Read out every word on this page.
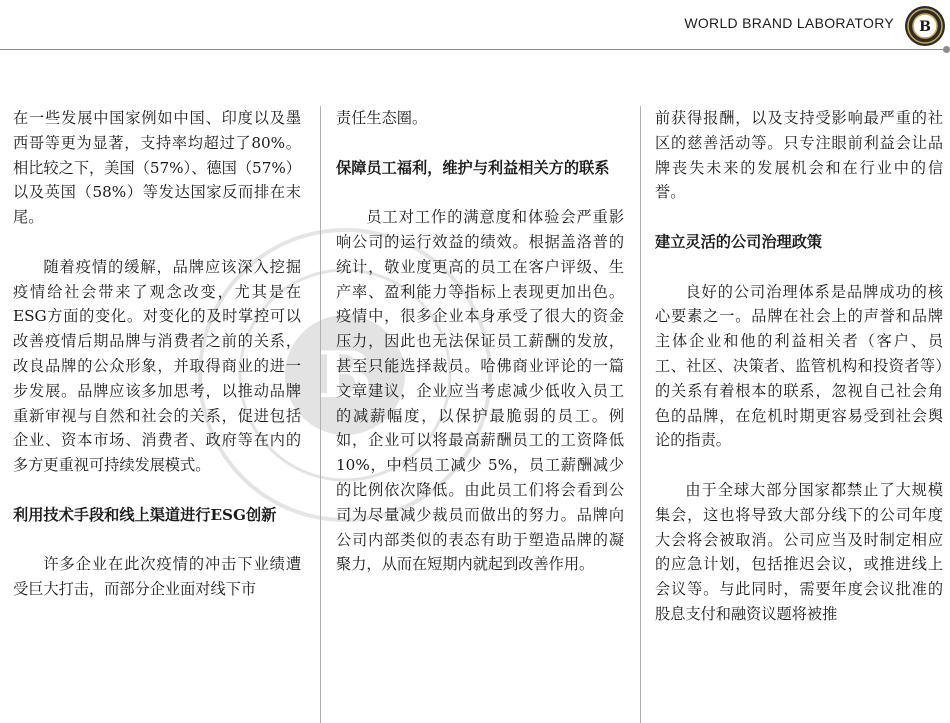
WORLD BRAND LABORATORY B
B

在一些发展中国家例如中国、印度以及墨西哥等更为显著，支持率均超过了80%。相比较之下，美国（57%）、德国（57%）以及英国（58%）等发达国家反而排在末尾。

随着疫情的缓解，品牌应该深入挖掘疫情给社会带来了观念改变，尤其是在ESG方面的变化。对变化的及时掌控可以改善疫情后期品牌与消费者之前的关系，改良品牌的公众形象，并取得商业的进一步发展。品牌应该多加思考，以推动品牌重新审视与自然和社会的关系，促进包括企业、资本市场、消费者、政府等在内的多方更重视可持续发展模式。

利用技术手段和线上渠道进行ESG创新

许多企业在此次疫情的冲击下业绩遭受巨大打击，而部分企业面对线下市

责任生态圈。

保障员工福利，维护与利益相关方的联系

员工对工作的满意度和体验会严重影响公司的运行效益的绩效。根据盖洛普的统计，敬业度更高的员工在客户评级、生产率、盈利能力等指标上表现更加出色。疫情中，很多企业本身承受了很大的资金压力，因此也无法保证员工薪酬的发放，甚至只能选择裁员。哈佛商业评论的一篇文章建议，企业应当考虑减少低收入员工的减薪幅度，以保护最脆弱的员工。例如，企业可以将最高薪酬员工的工资降低 10%，中档员工减少 5%，员工薪酬减少的比例依次降低。由此员工们将会看到公司为尽量减少裁员而做出的努力。品牌向公司内部类似的表态有助于塑造品牌的凝聚力，从而在短期内就起到改善作用。

前获得报酬，以及支持受影响最严重的社区的慈善活动等。只专注眼前利益会让品牌丧失未来的发展机会和在行业中的信誉。

建立灵活的公司治理政策

良好的公司治理体系是品牌成功的核心要素之一。品牌在社会上的声誉和品牌主体企业和他的利益相关者（客户、员工、社区、决策者、监管机构和投资者等）的关系有着根本的联系，忽视自己社会角色的品牌，在危机时期更容易受到社会舆论的指责。

由于全球大部分国家都禁止了大规模集会，这也将导致大部分线下的公司年度大会将会被取消。公司应当及时制定相应的应急计划，包括推迟会议，或推进线上会议等。与此同时，需要年度会议批准的股息支付和融资议题将被推
